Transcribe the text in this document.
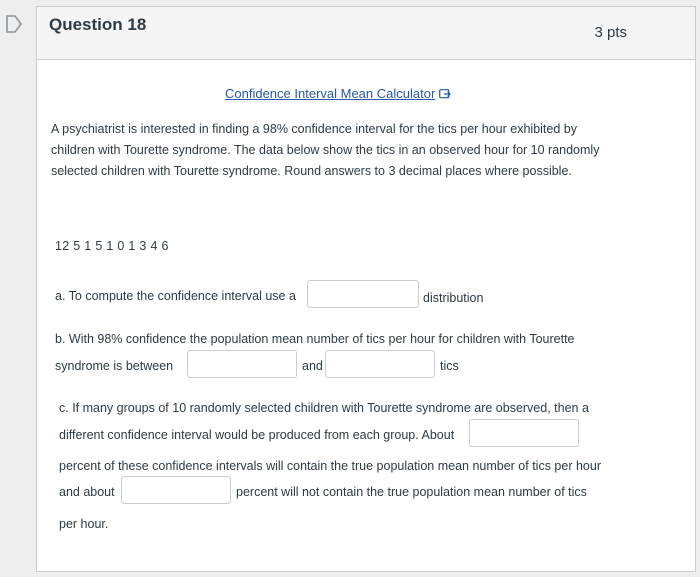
Question 18	3 pts
Confidence Interval Mean Calculator
A psychiatrist is interested in finding a 98% confidence interval for the tics per hour exhibited by children with Tourette syndrome. The data below show the tics in an observed hour for 10 randomly selected children with Tourette syndrome. Round answers to 3 decimal places where possible.
12 5 1 5 1 0 1 3 4 6
a. To compute the confidence interval use a	distribution
b. With 98% confidence the population mean number of tics per hour for children with Tourette
syndrome is between	and	tics
c. If many groups of 10 randomly selected children with Tourette syndrome are observed, then a
different confidence interval would be produced from each group. About
percent of these confidence intervals will contain the true population mean number of tics per hour
and about	percent will not contain the true population mean number of tics
per hour.
